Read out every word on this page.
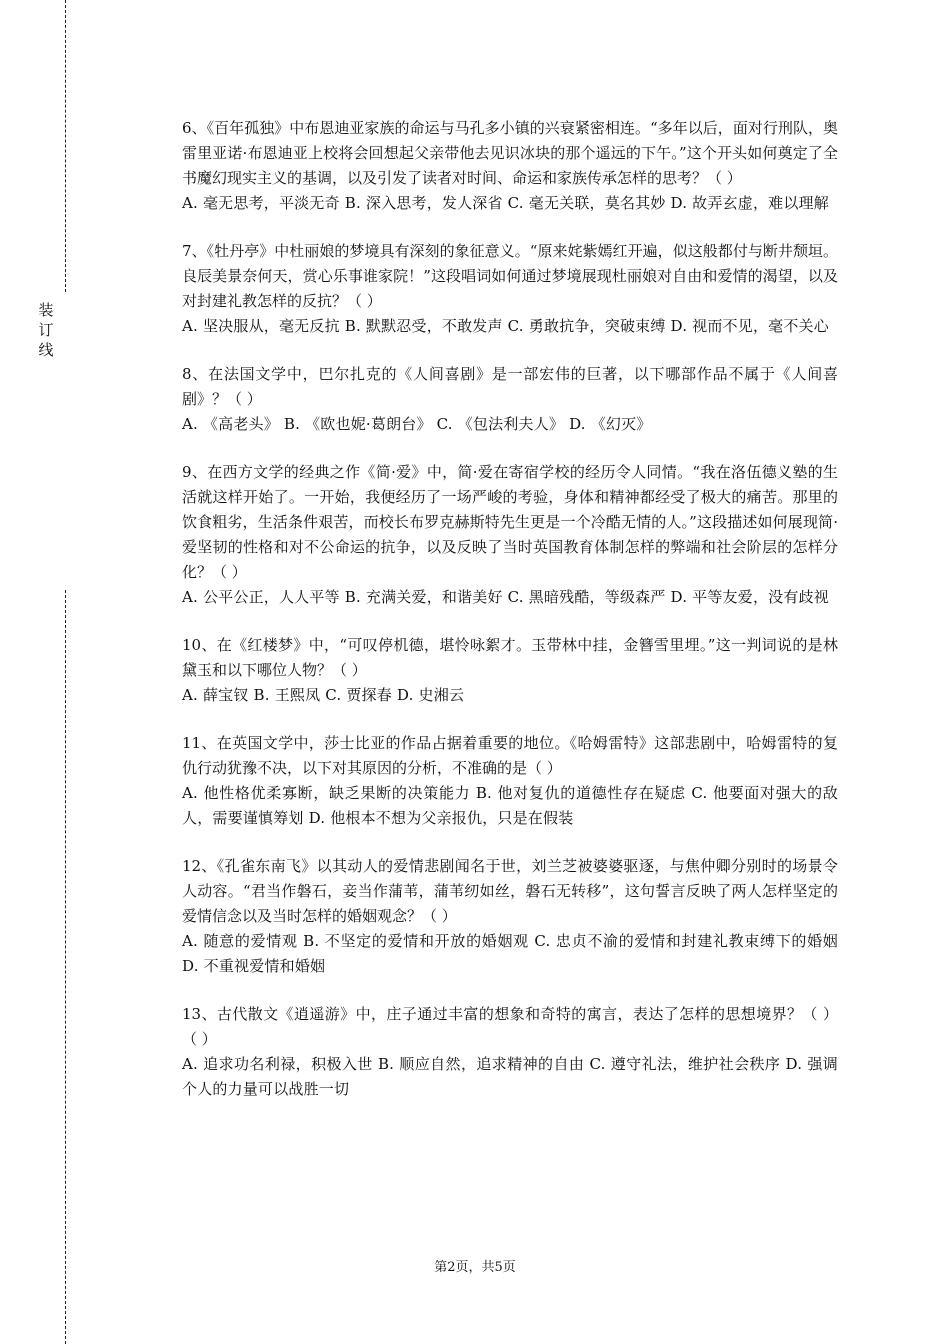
装
订
线
6、《百年孤独》中布恩迪亚家族的命运与马孔多小镇的兴衰紧密相连。“多年以后，面对行刑队，奥雷里亚诺·布恩迪亚上校将会回想起父亲带他去见识冰块的那个遥远的下午。”这个开头如何奠定了全书魔幻现实主义的基调，以及引发了读者对时间、命运和家族传承怎样的思考？（ ）
A. 毫无思考，平淡无奇 B. 深入思考，发人深省 C. 毫无关联，莫名其妙 D. 故弄玄虚，难以理解
7、《牡丹亭》中杜丽娘的梦境具有深刻的象征意义。“原来姹紫嫣红开遍，似这般都付与断井颓垣。良辰美景奈何天，赏心乐事谁家院！”这段唱词如何通过梦境展现杜丽娘对自由和爱情的渴望，以及对封建礼教怎样的反抗？（ ）
A. 坚决服从，毫无反抗 B. 默默忍受，不敢发声 C. 勇敢抗争，突破束缚 D. 视而不见，毫不关心
8、在法国文学中，巴尔扎克的《人间喜剧》是一部宏伟的巨著，以下哪部作品不属于《人间喜剧》？（ ）
A. 《高老头》 B. 《欧也妮·葛朗台》 C. 《包法利夫人》 D. 《幻灭》
9、在西方文学的经典之作《简·爱》中，简·爱在寄宿学校的经历令人同情。“我在洛伍德义塾的生活就这样开始了。一开始，我便经历了一场严峻的考验，身体和精神都经受了极大的痛苦。那里的饮食粗劣，生活条件艰苦，而校长布罗克赫斯特先生更是一个冷酷无情的人。”这段描述如何展现简·爱坚韧的性格和对不公命运的抗争，以及反映了当时英国教育体制怎样的弊端和社会阶层的怎样分化？（ ）
A. 公平公正，人人平等 B. 充满关爱，和谐美好 C. 黑暗残酷，等级森严 D. 平等友爱，没有歧视
10、在《红楼梦》中，“可叹停机德，堪怜咏絮才。玉带林中挂，金簪雪里埋。”这一判词说的是林黛玉和以下哪位人物？（ ）
A. 薛宝钗 B. 王熙凤 C. 贾探春 D. 史湘云
11、在英国文学中，莎士比亚的作品占据着重要的地位。《哈姆雷特》这部悲剧中，哈姆雷特的复仇行动犹豫不决，以下对其原因的分析，不准确的是（ ）
A. 他性格优柔寡断，缺乏果断的决策能力 B. 他对复仇的道德性存在疑虑 C. 他要面对强大的敌人，需要谨慎筹划 D. 他根本不想为父亲报仇，只是在假装
12、《孔雀东南飞》以其动人的爱情悲剧闻名于世，刘兰芝被婆婆驱逐，与焦仲卿分别时的场景令人动容。“君当作磐石，妾当作蒲苇，蒲苇纫如丝，磐石无转移”，这句誓言反映了两人怎样坚定的爱情信念以及当时怎样的婚姻观念？（ ）
A. 随意的爱情观 B. 不坚定的爱情和开放的婚姻观 C. 忠贞不渝的爱情和封建礼教束缚下的婚姻 D. 不重视爱情和婚姻
13、古代散文《逍遥游》中，庄子通过丰富的想象和奇特的寓言，表达了怎样的思想境界？（ ） （ ）
A. 追求功名利禄，积极入世 B. 顺应自然，追求精神的自由 C. 遵守礼法，维护社会秩序 D. 强调个人的力量可以战胜一切
第2页，共5页
